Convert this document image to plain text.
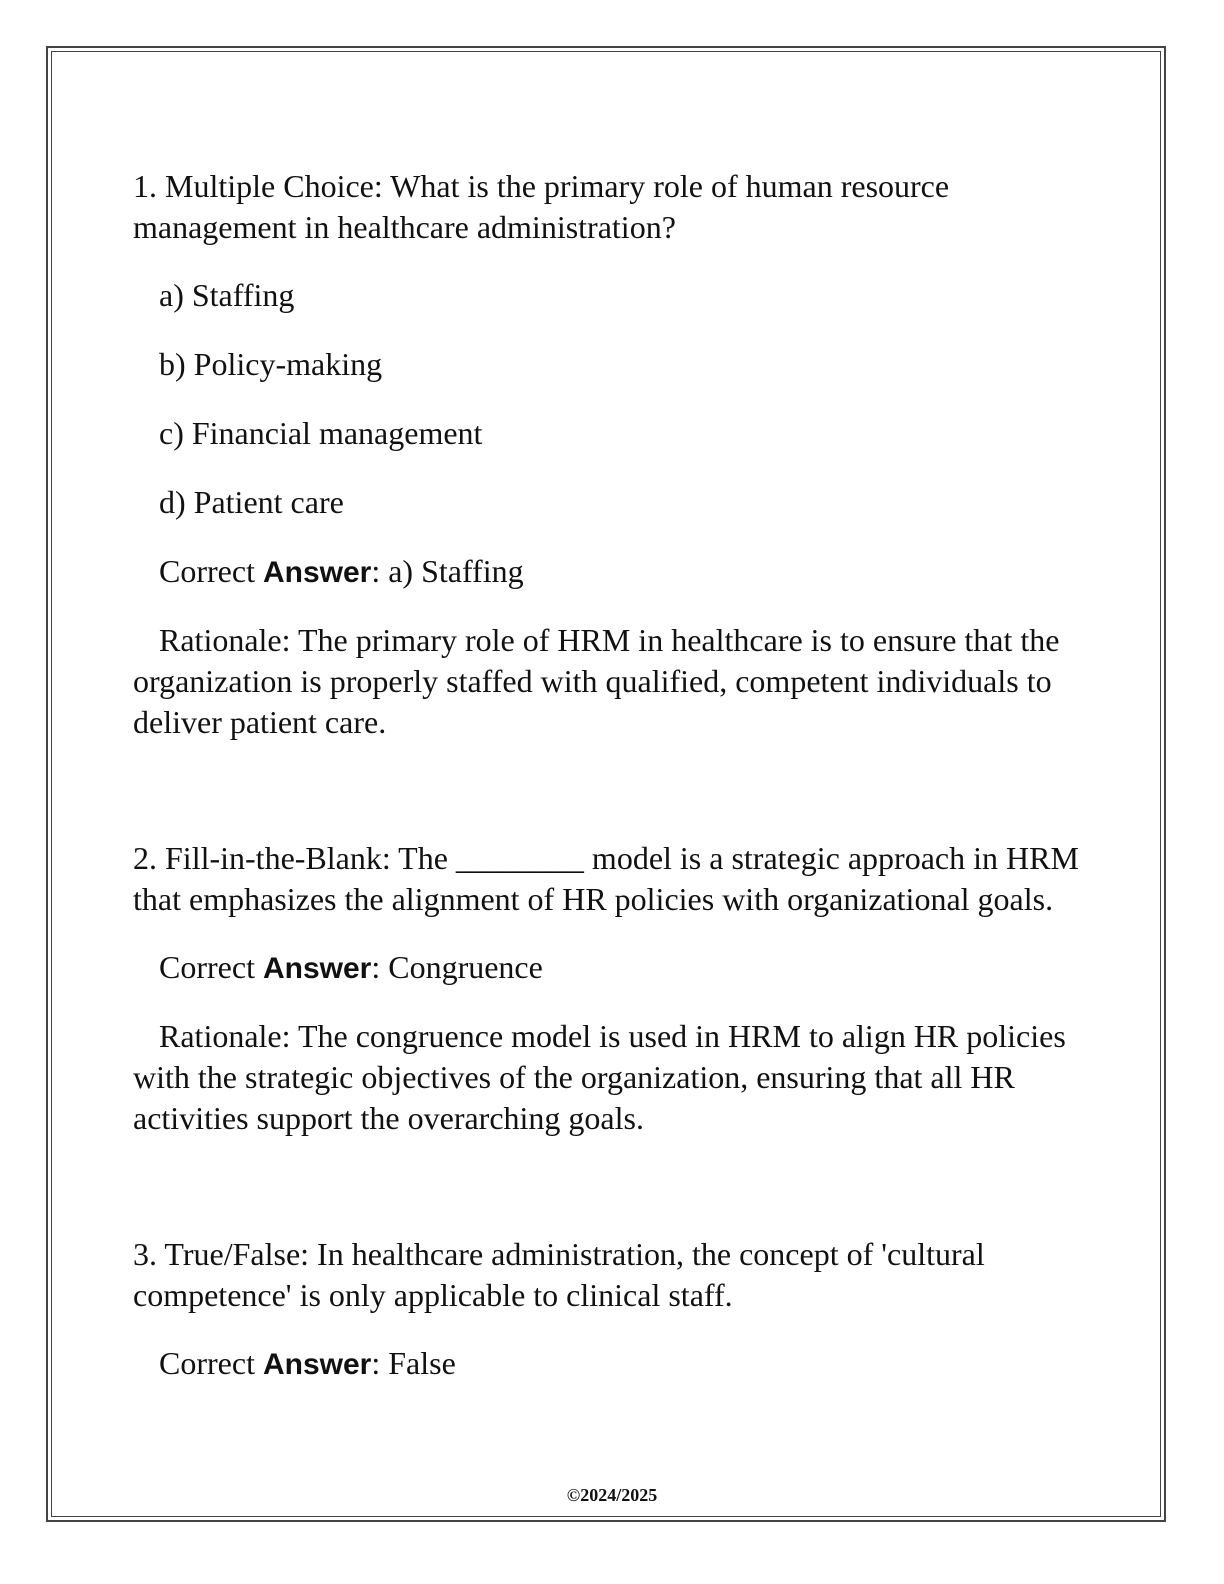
1. Multiple Choice: What is the primary role of human resource management in healthcare administration?

a) Staffing

b) Policy-making

c) Financial management

d) Patient care

Correct Answer: a) Staffing

Rationale: The primary role of HRM in healthcare is to ensure that the organization is properly staffed with qualified, competent individuals to deliver patient care.

2. Fill-in-the-Blank: The ________ model is a strategic approach in HRM that emphasizes the alignment of HR policies with organizational goals.

Correct Answer: Congruence

Rationale: The congruence model is used in HRM to align HR policies with the strategic objectives of the organization, ensuring that all HR activities support the overarching goals.

3. True/False: In healthcare administration, the concept of 'cultural competence' is only applicable to clinical staff.

Correct Answer: False

©2024/2025
